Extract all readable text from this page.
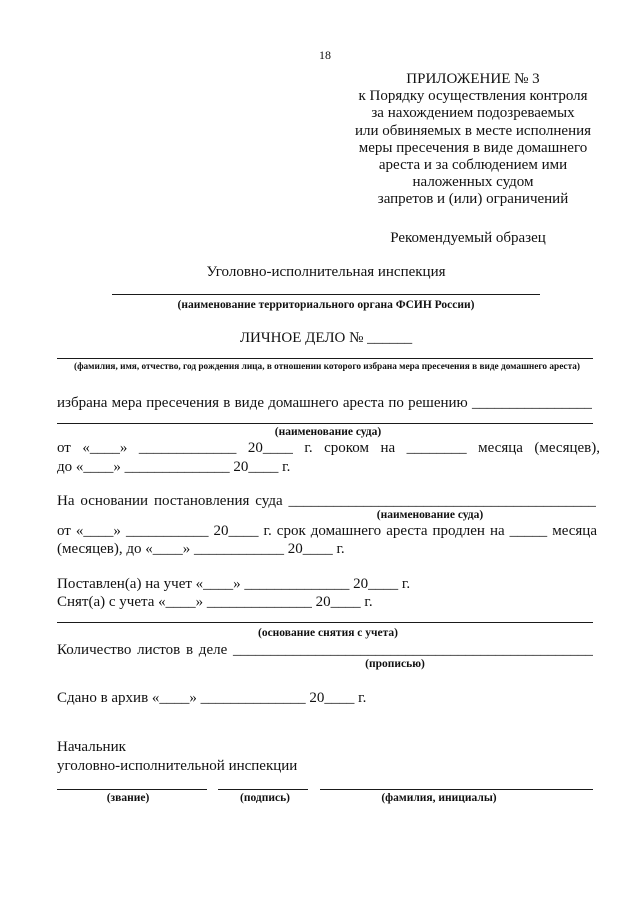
18
ПРИЛОЖЕНИЕ № 3
к Порядку осуществления контроля
за нахождением подозреваемых
или обвиняемых в месте исполнения
меры пресечения в виде домашнего
ареста и за соблюдением ими
наложенных судом
запретов и (или) ограничений
Рекомендуемый образец
Уголовно-исполнительная инспекция
(наименование территориального органа ФСИН России)
ЛИЧНОЕ ДЕЛО № ______
(фамилия, имя, отчество, год рождения лица, в отношении которого избрана мера пресечения в виде домашнего ареста)
избрана мера пресечения в виде домашнего ареста по решению ________________
(наименование суда)
от «____» _____________ 20____ г. сроком на ________ месяца (месяцев),
до «____» ______________ 20____ г.
На основании постановления суда _________________________________________
(наименование суда)
от «____» ___________ 20____ г. срок домашнего ареста продлен на _____ месяца
(месяцев), до «____» ____________ 20____ г.
Поставлен(а) на учет «____» ______________ 20____ г.
Снят(а) с учета «____» ______________ 20____ г.
(основание снятия с учета)
Количество листов в деле ________________________________________________
(прописью)
Сдано в архив «____» ______________ 20____ г.
Начальник
уголовно-исполнительной инспекции
(звание)	(подпись)	(фамилия, инициалы)
